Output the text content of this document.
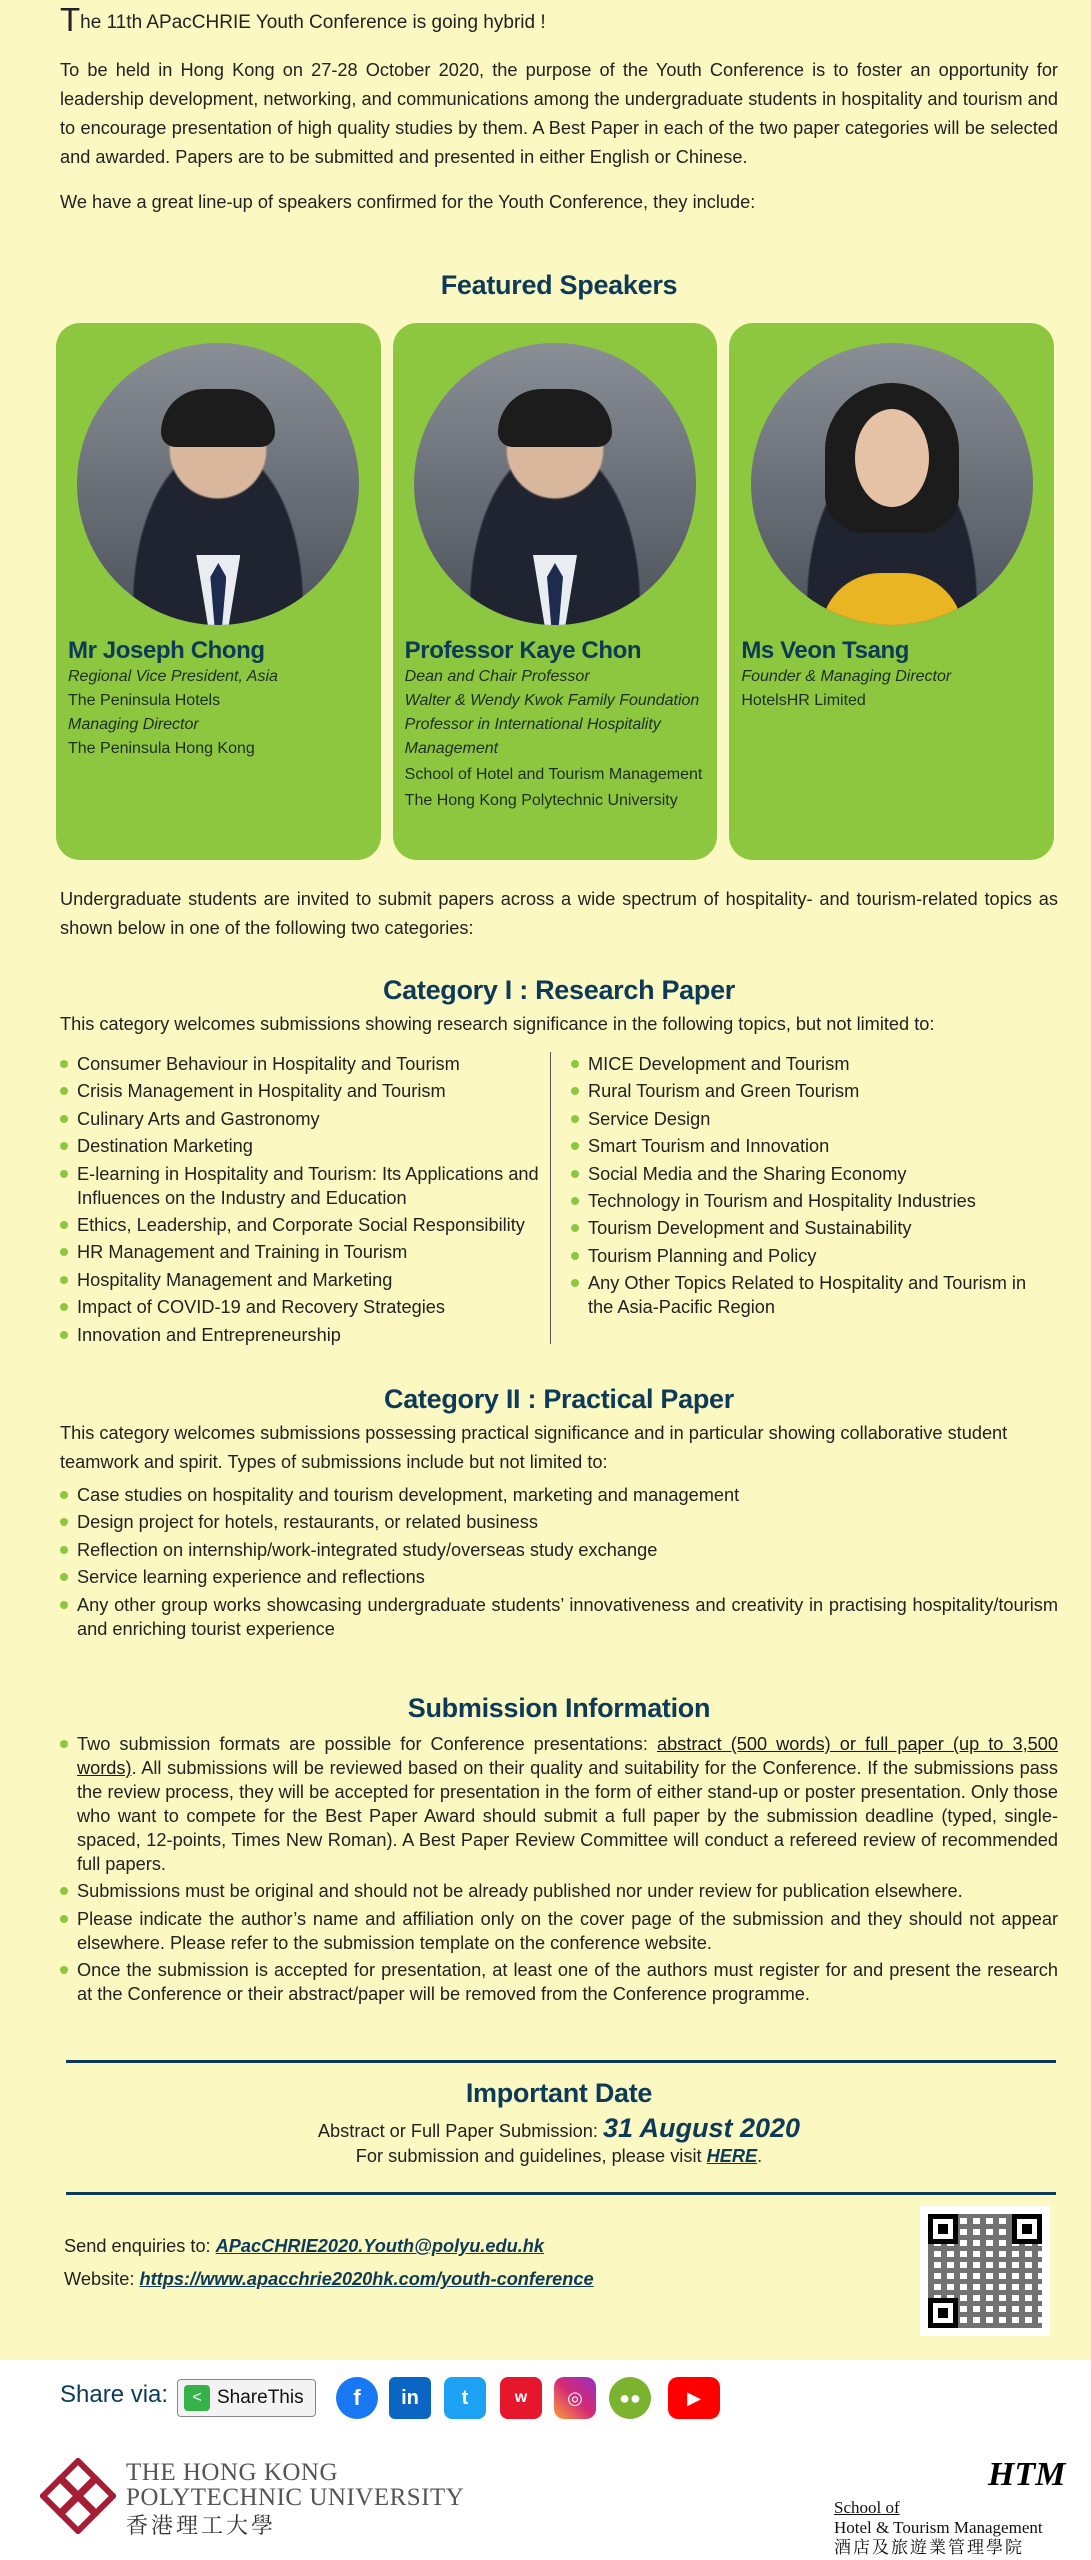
The 11th APacCHRIE Youth Conference is going hybrid !

To be held in Hong Kong on 27-28 October 2020, the purpose of the Youth Conference is to foster an opportunity for leadership development, networking, and communications among the undergraduate students in hospitality and tourism and to encourage presentation of high quality studies by them. A Best Paper in each of the two paper categories will be selected and awarded. Papers are to be submitted and presented in either English or Chinese.

We have a great line-up of speakers confirmed for the Youth Conference, they include:

Featured Speakers
Mr Joseph Chong
Regional Vice President, Asia
The Peninsula Hotels
Managing Director
The Peninsula Hong Kong
Professor Kaye Chon
Dean and Chair Professor
Walter & Wendy Kwok Family Foundation Professor in International Hospitality Management
School of Hotel and Tourism Management
The Hong Kong Polytechnic University
Ms Veon Tsang
Founder & Managing Director
HotelsHR Limited

Undergraduate students are invited to submit papers across a wide spectrum of hospitality- and tourism-related topics as shown below in one of the following two categories:

Category I : Research Paper

This category welcomes submissions showing research significance in the following topics, but not limited to:

Consumer Behaviour in Hospitality and Tourism
Crisis Management in Hospitality and Tourism
Culinary Arts and Gastronomy
Destination Marketing
E-learning in Hospitality and Tourism: Its Applications and Influences on the Industry and Education
Ethics, Leadership, and Corporate Social Responsibility
HR Management and Training in Tourism
Hospitality Management and Marketing
Impact of COVID-19 and Recovery Strategies
Innovation and Entrepreneurship
MICE Development and Tourism
Rural Tourism and Green Tourism
Service Design
Smart Tourism and Innovation
Social Media and the Sharing Economy
Technology in Tourism and Hospitality Industries
Tourism Development and Sustainability
Tourism Planning and Policy
Any Other Topics Related to Hospitality and Tourism in the Asia-Pacific Region
Category II : Practical Paper

This category welcomes submissions possessing practical significance and in particular showing collaborative student teamwork and spirit. Types of submissions include but not limited to:

Case studies on hospitality and tourism development, marketing and management
Design project for hotels, restaurants, or related business
Reflection on internship/work-integrated study/overseas study exchange
Service learning experience and reflections
Any other group works showcasing undergraduate students’ innovativeness and creativity in practising hospitality/tourism and enriching tourist experience
Submission Information
Two submission formats are possible for Conference presentations: abstract (500 words) or full paper (up to 3,500 words). All submissions will be reviewed based on their quality and suitability for the Conference. If the submissions pass the review process, they will be accepted for presentation in the form of either stand-up or poster presentation. Only those who want to compete for the Best Paper Award should submit a full paper by the submission deadline (typed, single-spaced, 12-points, Times New Roman). A Best Paper Review Committee will conduct a refereed review of recommended full papers.
Submissions must be original and should not be already published nor under review for publication elsewhere.
Please indicate the author’s name and affiliation only on the cover page of the submission and they should not appear elsewhere. Please refer to the submission template on the conference website.
Once the submission is accepted for presentation, at least one of the authors must register for and present the research at the Conference or their abstract/paper will be removed from the Conference programme.
Important Date
Abstract or Full Paper Submission: 31 August 2020
For submission and guidelines, please visit HERE.
Send enquiries to: APacCHRIE2020.Youth@polyu.edu.hk
Website: https://www.apacchrie2020hk.com/youth-conference
Share via:	< ShareThis	f	in	t	w	◎	●●	▶
THE HONG KONG
POLYTECHNIC UNIVERSITY
香港理工大學
HTM
School of
Hotel & Tourism Management
酒店及旅遊業管理學院
